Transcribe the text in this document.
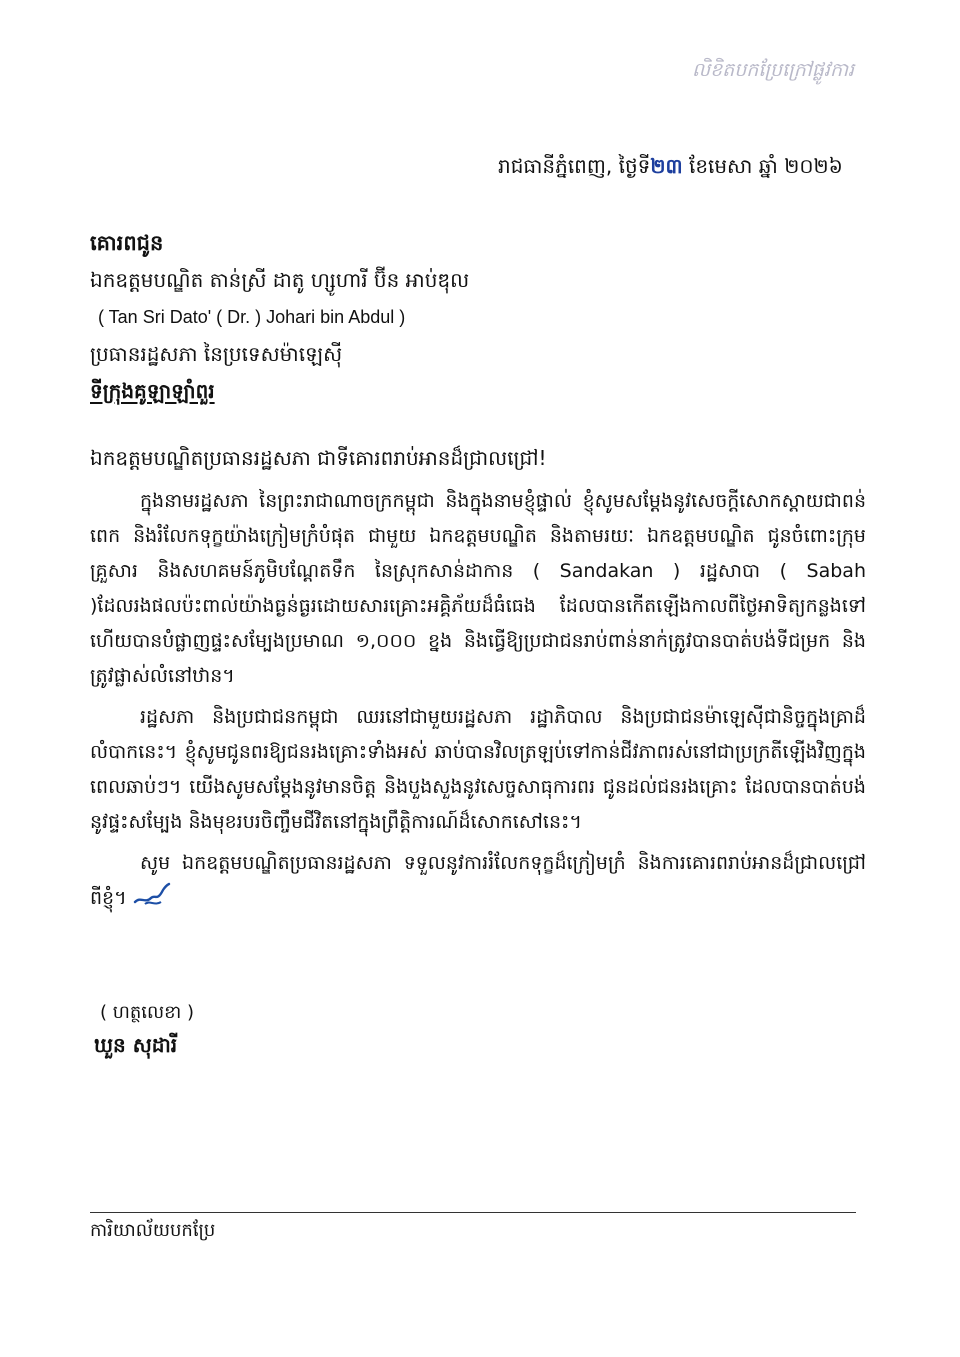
លិខិតបកប្រែក្រៅផ្លូវការ
រាជធានីភ្នំពេញ, ថ្ងៃទី២៣ ខែមេសា ឆ្នាំ ២០២៦
គោរពជូន
ឯកឧត្តមបណ្ឌិត តាន់ស្រី ដាតូ ហ្សូហារី ប៊ីន អាប់ឌុល
( Tan Sri Dato' ( Dr. ) Johari bin Abdul )
ប្រធានរដ្ឋសភា នៃប្រទេសម៉ាឡេស៊ី
ទីក្រុងគូឡាឡាំពួរ
ឯកឧត្តមបណ្ឌិតប្រធានរដ្ឋសភា ជាទីគោរពរាប់អានដ៏ជ្រាលជ្រៅ!

ក្នុងនាមរដ្ឋសភា នៃព្រះរាជាណាចក្រកម្ពុជា និងក្នុងនាមខ្ញុំផ្ទាល់ ខ្ញុំសូមសម្តែងនូវសេចក្តីសោកស្តាយជាពន់ពេក និងរំលែកទុក្ខយ៉ាងក្រៀមក្រំបំផុត ជាមួយ ឯកឧត្តមបណ្ឌិត និងតាមរយៈ ឯកឧត្តមបណ្ឌិត ជូនចំពោះក្រុមគ្រួសារ និងសហគមន៍ភូមិបណ្តែតទឹក នៃស្រុកសាន់ដាកាន ( Sandakan ) រដ្ឋសាបា ( Sabah )ដែលរងផលប៉ះពាល់យ៉ាងធ្ងន់ធ្ងរដោយសារគ្រោះអគ្គិភ័យដ៏ធំធេង ដែលបានកើតឡើងកាលពីថ្ងៃអាទិត្យកន្លងទៅ ហើយបានបំផ្លាញផ្ទះសម្បែងប្រមាណ ១,០០០ ខ្នង និងធ្វើឱ្យប្រជាជនរាប់ពាន់នាក់ត្រូវបានបាត់បង់ទីជម្រក និងត្រូវផ្លាស់លំនៅឋាន។

រដ្ឋសភា និងប្រជាជនកម្ពុជា ឈរនៅជាមួយរដ្ឋសភា រដ្ឋាភិបាល និងប្រជាជនម៉ាឡេស៊ីជានិច្ចក្នុងគ្រាដ៏លំបាកនេះ។ ខ្ញុំសូមជូនពរឱ្យជនរងគ្រោះទាំងអស់ ឆាប់បានវិលត្រឡប់ទៅកាន់ជីវភាពរស់នៅជាប្រក្រតីឡើងវិញក្នុងពេលឆាប់ៗ។ យើងសូមសម្តែងនូវមានចិត្ត និងបួងសួងនូវសេច្ចសាធុការពរ ជូនដល់ជនរងគ្រោះ ដែលបានបាត់បង់នូវផ្ទះសម្បែង និងមុខរបរចិញ្ចឹមជីវិតនៅក្នុងព្រឹត្តិការណ៍ដ៏សោកសៅនេះ។

សូម ឯកឧត្តមបណ្ឌិតប្រធានរដ្ឋសភា ទទួលនូវការរំលែកទុក្ខដ៏ក្រៀមក្រំ និងការគោរពរាប់អានដ៏ជ្រាលជ្រៅ ពីខ្ញុំ។

( ហត្ថលេខា )
ឃួន សុដារី
ការិយាល័យបកប្រែ
